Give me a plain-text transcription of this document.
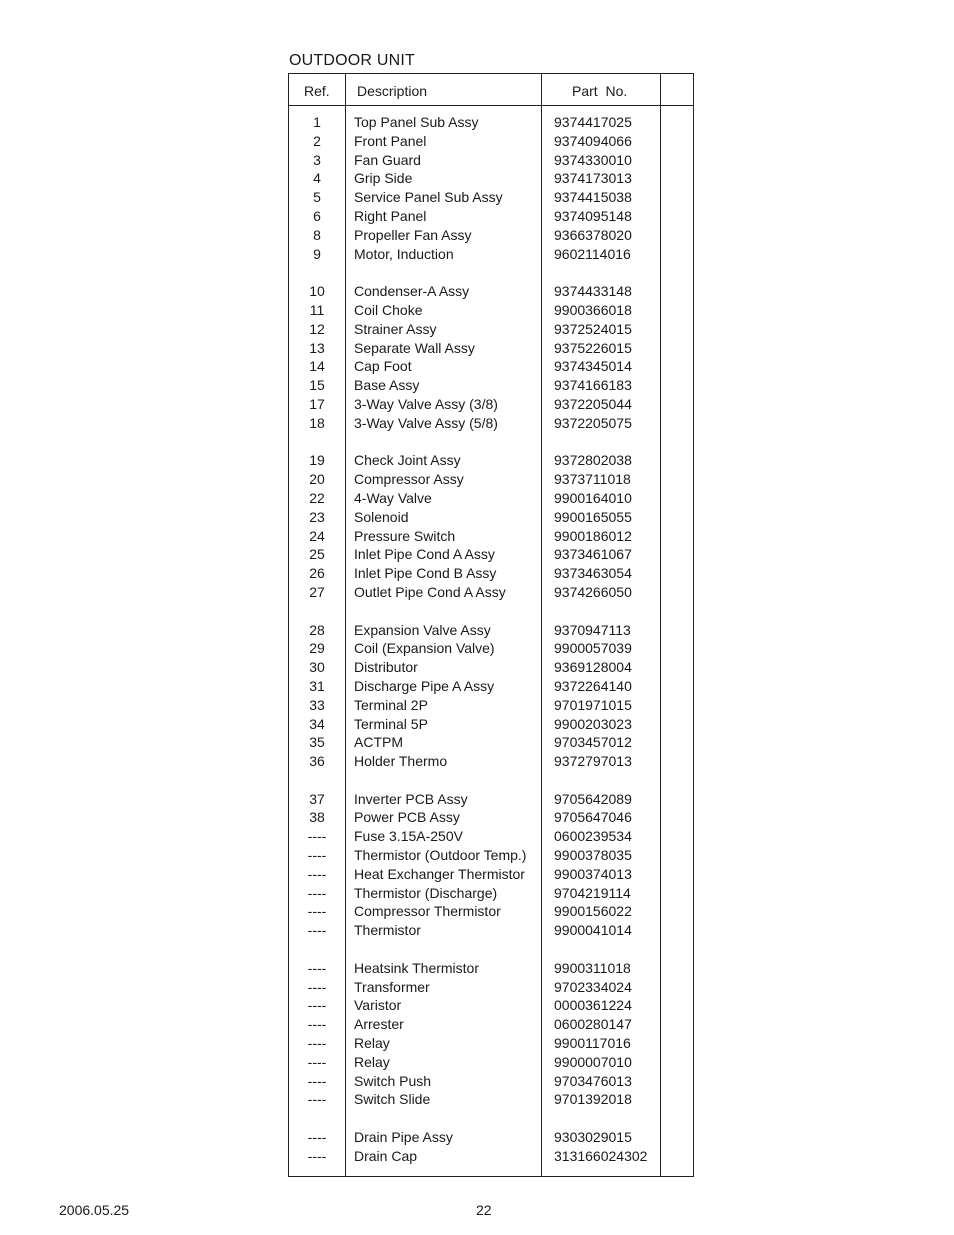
OUTDOOR UNIT
Ref. Description	Part  No.
1	Top Panel Sub Assy	9374417025
2	Front Panel	9374094066
3	Fan Guard	9374330010
4	Grip Side	9374173013
5	Service Panel Sub Assy	9374415038
6	Right Panel	9374095148
8	Propeller Fan Assy	9366378020
9	Motor, Induction	9602114016
10	Condenser-A Assy	9374433148
11	Coil Choke	9900366018
12	Strainer Assy	9372524015
13	Separate Wall Assy	9375226015
14	Cap Foot	9374345014
15	Base Assy	9374166183
17	3-Way Valve Assy (3/8)	9372205044
18	3-Way Valve Assy (5/8)	9372205075
19	Check Joint Assy	9372802038
20	Compressor Assy	9373711018
22	4-Way Valve	9900164010
23	Solenoid	9900165055
24	Pressure Switch	9900186012
25	Inlet Pipe Cond A Assy	9373461067
26	Inlet Pipe Cond B Assy	9373463054
27	Outlet Pipe Cond A Assy	9374266050
28	Expansion Valve Assy	9370947113
29	Coil (Expansion Valve)	9900057039
30	Distributor	9369128004
31	Discharge Pipe A Assy	9372264140
33	Terminal 2P	9701971015
34	Terminal 5P	9900203023
35	ACTPM	9703457012
36	Holder Thermo	9372797013
37	Inverter PCB Assy	9705642089
38	Power PCB Assy	9705647046
----	Fuse 3.15A-250V	0600239534
----	Thermistor (Outdoor Temp.) 9900378035
----	Heat Exchanger Thermistor 9900374013
----	Thermistor (Discharge)	9704219114
----	Compressor Thermistor	9900156022
----	Thermistor	9900041014
----	Heatsink Thermistor	9900311018
----	Transformer	9702334024
----	Varistor	0000361224
----	Arrester	0600280147
----	Relay	9900117016
----	Relay	9900007010
----	Switch Push	9703476013
----	Switch Slide	9701392018
----	Drain Pipe Assy	9303029015
----	Drain Cap	313166024302
2006.05.25	22
